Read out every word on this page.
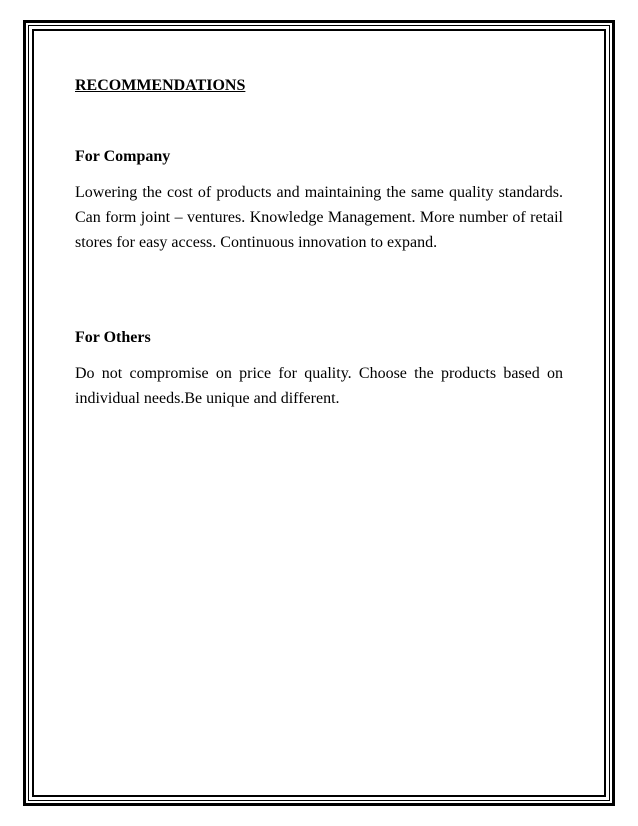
RECOMMENDATIONS
For Company

Lowering the cost of products and maintaining the same quality standards. Can form joint – ventures. Knowledge Management. More number of retail stores for easy access. Continuous innovation to expand.

For Others

Do not compromise on price for quality. Choose the products based on individual needs.Be unique and different.
